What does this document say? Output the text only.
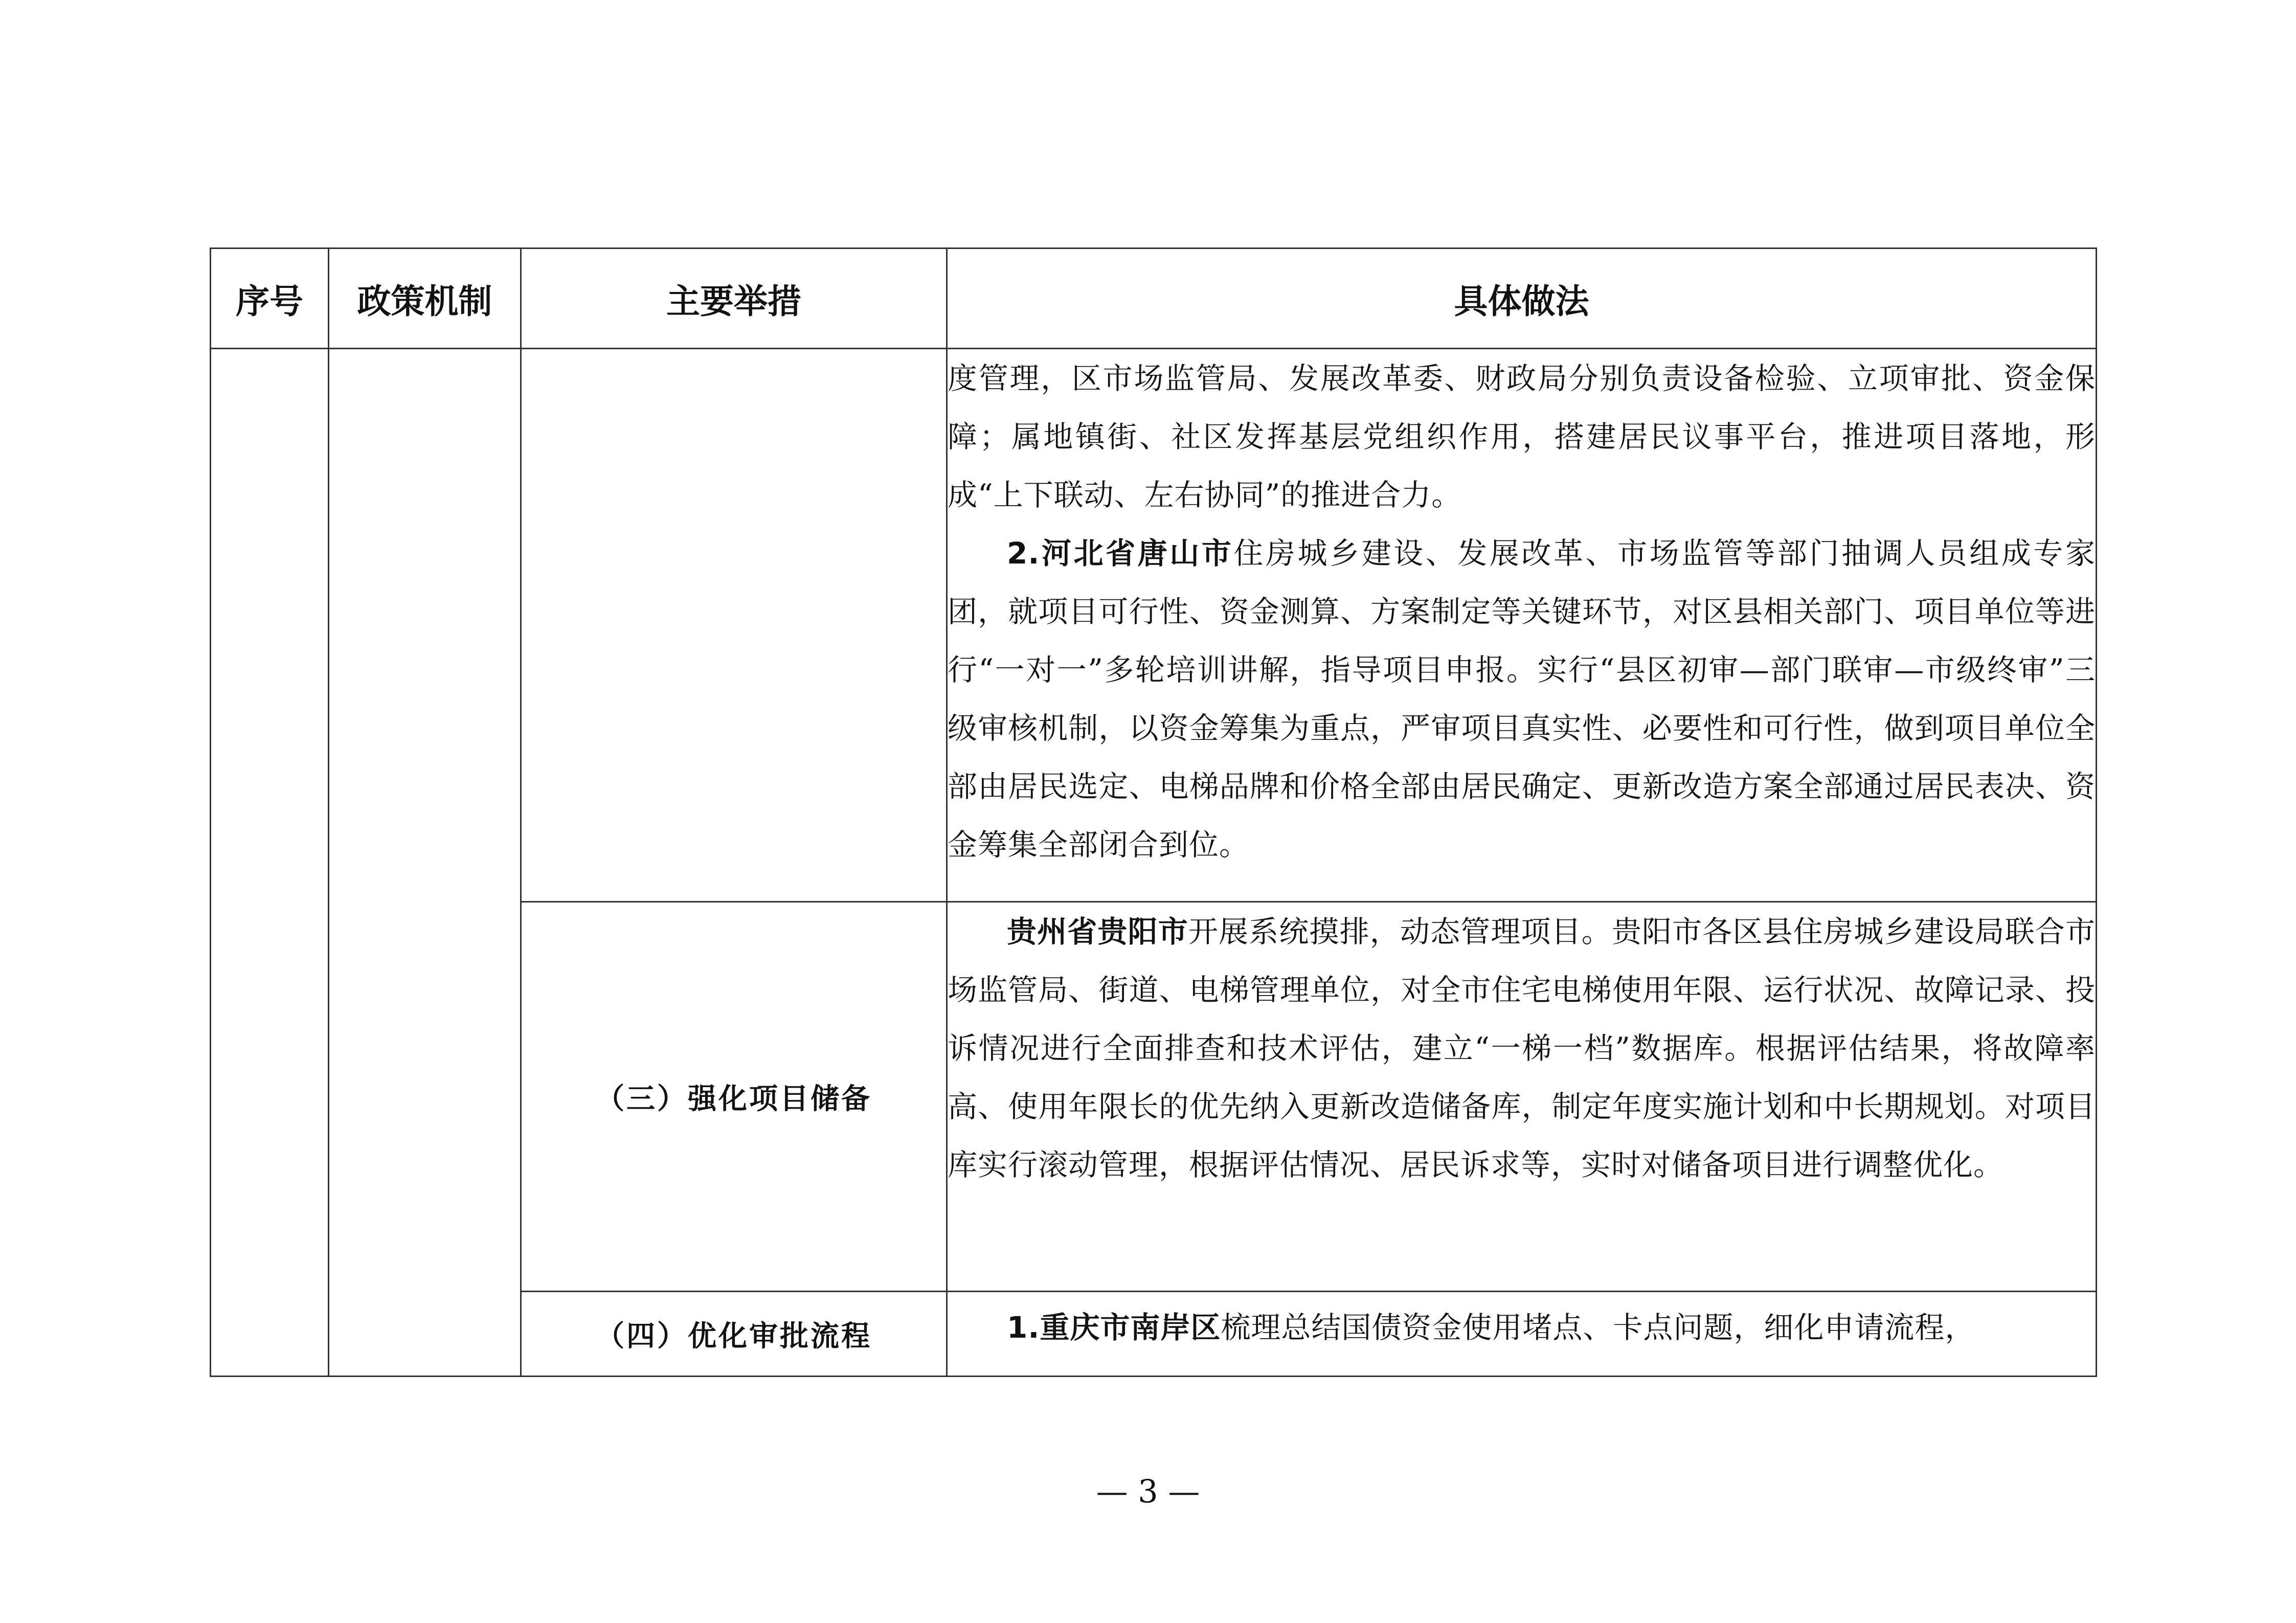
序号	政策机制	主要举措	具体做法

			度管理，区市场监管局、发展改革委、财政局分别负责设备检验、立项审批、资金保障；属地镇街、社区发挥基层党组织作用，搭建居民议事平台，推进项目落地，形成“上下联动、左右协同”的推进合力。

2.河北省唐山市住房城乡建设、发展改革、市场监管等部门抽调人员组成专家团，就项目可行性、资金测算、方案制定等关键环节，对区县相关部门、项目单位等进行“一对一”多轮培训讲解，指导项目申报。实行“县区初审—部门联审—市级终审”三级审核机制，以资金筹集为重点，严审项目真实性、必要性和可行性，做到项目单位全部由居民选定、电梯品牌和价格全部由居民确定、更新改造方案全部通过居民表决、资金筹集全部闭合到位。

		（三）强化项目储备	贵州省贵阳市开展系统摸排，动态管理项目。贵阳市各区县住房城乡建设局联合市场监管局、街道、电梯管理单位，对全市住宅电梯使用年限、运行状况、故障记录、投诉情况进行全面排查和技术评估，建立“一梯一档”数据库。根据评估结果，将故障率高、使用年限长的优先纳入更新改造储备库，制定年度实施计划和中长期规划。对项目库实行滚动管理，根据评估情况、居民诉求等，实时对储备项目进行调整优化。

		（四）优化审批流程	1.重庆市南岸区梳理总结国债资金使用堵点、卡点问题，细化申请流程，

— 3 —
